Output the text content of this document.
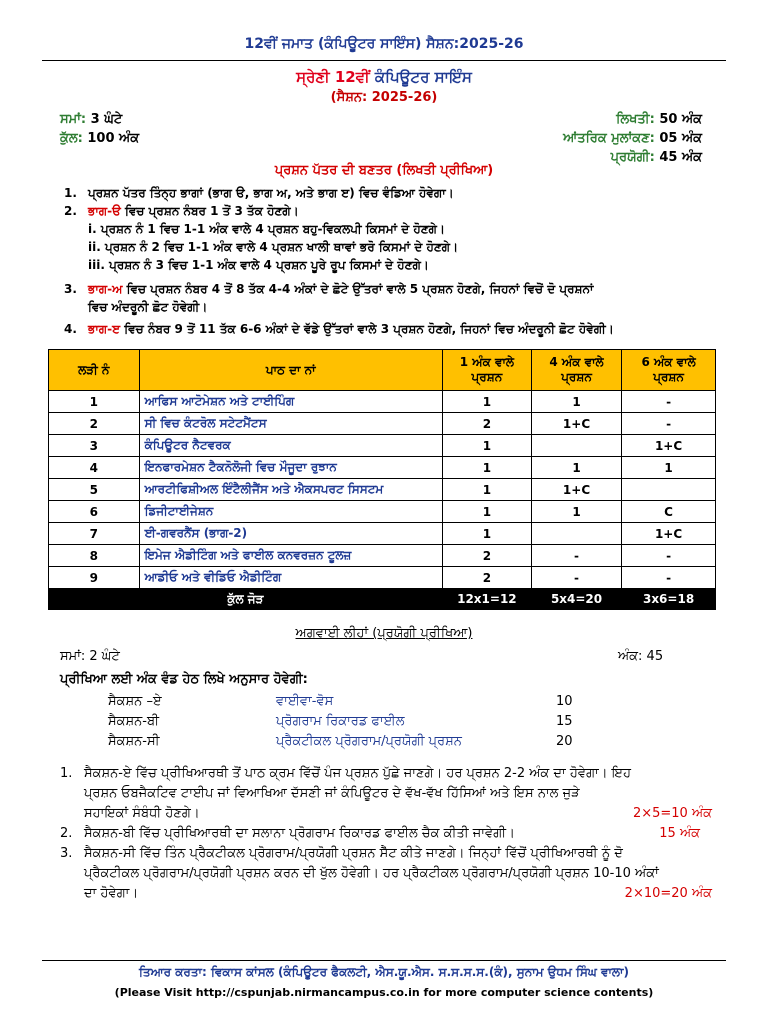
12ਵੀਂ ਜਮਾਤ (ਕੰਪਿਊਟਰ ਸਾਇੰਸ) ਸੈਸ਼ਨ:2025-26
ਸ੍ਰੇਣੀ 12ਵੀਂ ਕੰਪਿਊਟਰ ਸਾਇੰਸ
(ਸੈਸ਼ਨ: 2025-26)
ਸਮਾਂ: 3 ਘੰਟੇ
ਕੁੱਲ: 100 ਅੰਕ
ਲਿਖਤੀ: 50 ਅੰਕ
ਆਂਤਰਿਕ ਮੁਲਾਂਕਣ: 05 ਅੰਕ
ਪ੍ਰਯੋਗੀ: 45 ਅੰਕ
ਪ੍ਰਸ਼ਨ ਪੱਤਰ ਦੀ ਬਣਤਰ (ਲਿਖਤੀ ਪ੍ਰੀਖਿਆ)
1. ਪ੍ਰਸ਼ਨ ਪੱਤਰ ਤਿੰਨ੍ਹ ਭਾਗਾਂ (ਭਾਗ ੳ, ਭਾਗ ਅ, ਅਤੇ ਭਾਗ ੲ) ਵਿਚ ਵੰਡਿਆ ਹੋਵੇਗਾ।
2. ਭਾਗ-ੳ ਵਿਚ ਪ੍ਰਸ਼ਨ ਨੰਬਰ 1 ਤੋਂ 3 ਤੱਕ ਹੋਣਗੇ।
i. ਪ੍ਰਸ਼ਨ ਨੰ 1 ਵਿਚ 1-1 ਅੰਕ ਵਾਲੇ 4 ਪ੍ਰਸ਼ਨ ਬਹੁ-ਵਿਕਲਪੀ ਕਿਸਮਾਂ ਦੇ ਹੋਣਗੇ।
ii. ਪ੍ਰਸ਼ਨ ਨੰ 2 ਵਿਚ 1-1 ਅੰਕ ਵਾਲੇ 4 ਪ੍ਰਸ਼ਨ ਖਾਲੀ ਥਾਵਾਂ ਭਰੋ ਕਿਸਮਾਂ ਦੇ ਹੋਣਗੇ।
iii. ਪ੍ਰਸ਼ਨ ਨੰ 3 ਵਿਚ 1-1 ਅੰਕ ਵਾਲੇ 4 ਪ੍ਰਸ਼ਨ ਪੂਰੇ ਰੂਪ ਕਿਸਮਾਂ ਦੇ ਹੋਣਗੇ।
3. ਭਾਗ-ਅ ਵਿਚ ਪ੍ਰਸ਼ਨ ਨੰਬਰ 4 ਤੋਂ 8 ਤੱਕ 4-4 ਅੰਕਾਂ ਦੇ ਛੋਟੇ ਉੱਤਰਾਂ ਵਾਲੇ 5 ਪ੍ਰਸ਼ਨ ਹੋਣਗੇ, ਜਿਹਨਾਂ ਵਿਚੋਂ ਦੋ ਪ੍ਰਸ਼ਨਾਂ
ਵਿਚ ਅੰਦਰੂਨੀ ਛੋਟ ਹੋਵੇਗੀ।
4. ਭਾਗ-ੲ ਵਿਚ ਨੰਬਰ 9 ਤੋਂ 11 ਤੱਕ 6-6 ਅੰਕਾਂ ਦੇ ਵੱਡੇ ਉੱਤਰਾਂ ਵਾਲੇ 3 ਪ੍ਰਸ਼ਨ ਹੋਣਗੇ, ਜਿਹਨਾਂ ਵਿਚ ਅੰਦਰੂਨੀ ਛੋਟ ਹੋਵੇਗੀ।
ਲੜੀ ਨੰ	ਪਾਠ ਦਾ ਨਾਂ	1 ਅੰਕ ਵਾਲੇ ਪ੍ਰਸ਼ਨ	4 ਅੰਕ ਵਾਲੇ ਪ੍ਰਸ਼ਨ	6 ਅੰਕ ਵਾਲੇ ਪ੍ਰਸ਼ਨ
1	ਆਫਿਸ ਆਟੋਮੇਸ਼ਨ ਅਤੇ ਟਾਈਪਿੰਗ	1	1	-
2	ਸੀ ਵਿਚ ਕੰਟਰੋਲ ਸਟੇਟਮੈਂਟਸ	2	1+C	-
3	ਕੰਪਿਊਟਰ ਨੈਟਵਰਕ	1		1+C
4	ਇਨਫਾਰਮੇਸ਼ਨ ਟੈਕਨੋਲੋਜੀ ਵਿਚ ਮੌਜੂਦਾ ਰੁਝਾਨ	1	1	1
5	ਆਰਟੀਫਿਸ਼ੀਅਲ ਇੰਟੈਲੀਜੈਂਸ ਅਤੇ ਐਕਸਪਰਟ ਸਿਸਟਮ	1	1+C	
6	ਡਿਜੀਟਾਈਜੇਸ਼ਨ	1	1	C
7	ਈ-ਗਵਰਨੈਂਸ (ਭਾਗ-2)	1		1+C
8	ਇਮੇਜ ਐਡੀਟਿੰਗ ਅਤੇ ਫਾਈਲ ਕਨਵਰਜ਼ਨ ਟੂਲਜ਼	2	-	-
9	ਆਡੀਓ ਅਤੇ ਵੀਡਿਓ ਐਡੀਟਿੰਗ	2	-	-
ਕੁੱਲ ਜੋੜ		12x1=12	5x4=20	3x6=18
ਅਗਵਾਈ ਲੀਹਾਂ (ਪ੍ਰਯੋਗੀ ਪ੍ਰੀਖਿਆ)
ਸਮਾਂ: 2 ਘੰਟੇ	ਅੰਕ: 45
ਪ੍ਰੀਖਿਆ ਲਈ ਅੰਕ ਵੰਡ ਹੇਠ ਲਿਖੇ ਅਨੁਸਾਰ ਹੋਵੇਗੀ:
ਸੈਕਸ਼ਨ –ਏ	ਵਾਈਵਾ-ਵੋਸ	10
ਸੈਕਸ਼ਨ-ਬੀ	ਪ੍ਰੋਗਰਾਮ ਰਿਕਾਰਡ ਫਾਈਲ	15
ਸੈਕਸ਼ਨ-ਸੀ	ਪ੍ਰੈਕਟੀਕਲ ਪ੍ਰੋਗਰਾਮ/ਪ੍ਰਯੋਗੀ ਪ੍ਰਸ਼ਨ	20
1. ਸੈਕਸ਼ਨ-ਏ ਵਿੱਚ ਪ੍ਰੀਖਿਆਰਥੀ ਤੋਂ ਪਾਠ ਕ੍ਰਮ ਵਿੱਚੋਂ ਪੰਜ ਪ੍ਰਸ਼ਨ ਪੁੱਛੇ ਜਾਣਗੇ। ਹਰ ਪ੍ਰਸ਼ਨ 2-2 ਅੰਕ ਦਾ ਹੋਵੇਗਾ। ਇਹ
ਪ੍ਰਸ਼ਨ ਓਬਜੈਕਟਿਵ ਟਾਈਪ ਜਾਂ ਵਿਆਖਿਆ ਦੱਸਣੀ ਜਾਂ ਕੰਪਿਊਟਰ ਦੇ ਵੱਖ-ਵੱਖ ਹਿੱਸਿਆਂ ਅਤੇ ਇਸ ਨਾਲ ਜੁੜੇ
ਸਹਾਇਕਾਂ ਸੰਬੰਧੀ ਹੋਣਗੇ।	2×5=10 ਅੰਕ
2. ਸੈਕਸ਼ਨ-ਬੀ ਵਿੱਚ ਪ੍ਰੀਖਿਆਰਥੀ ਦਾ ਸਲਾਨਾ ਪ੍ਰੋਗਰਾਮ ਰਿਕਾਰਡ ਫਾਈਲ ਚੈਕ ਕੀਤੀ ਜਾਵੇਗੀ।	15 ਅੰਕ
3. ਸੈਕਸ਼ਨ-ਸੀ ਵਿੱਚ ਤਿੰਨ ਪ੍ਰੈਕਟੀਕਲ ਪ੍ਰੋਗਰਾਮ/ਪ੍ਰਯੋਗੀ ਪ੍ਰਸ਼ਨ ਸੈੱਟ ਕੀਤੇ ਜਾਣਗੇ। ਜਿਨ੍ਹਾਂ ਵਿੱਚੋਂ ਪ੍ਰੀਖਿਆਰਥੀ ਨੂੰ ਦੋ
ਪ੍ਰੈਕਟੀਕਲ ਪ੍ਰੋਗਰਾਮ/ਪ੍ਰਯੋਗੀ ਪ੍ਰਸ਼ਨ ਕਰਨ ਦੀ ਖੁੱਲ ਹੋਵੇਗੀ। ਹਰ ਪ੍ਰੈਕਟੀਕਲ ਪ੍ਰੋਗਰਾਮ/ਪ੍ਰਯੋਗੀ ਪ੍ਰਸ਼ਨ 10-10 ਅੰਕਾਂ
ਦਾ ਹੋਵੇਗਾ।	2×10=20 ਅੰਕ
ਤਿਆਰ ਕਰਤਾ: ਵਿਕਾਸ ਕਾਂਸਲ (ਕੰਪਿਊਟਰ ਫੈਕਲਟੀ, ਐਸ.ਯੂ.ਐਸ. ਸ.ਸ.ਸ.ਸ.(ਕੰ), ਸੁਨਾਮ ਉਧਮ ਸਿੰਘ ਵਾਲਾ)
(Please Visit http://cspunjab.nirmancampus.co.in for more computer science contents)
